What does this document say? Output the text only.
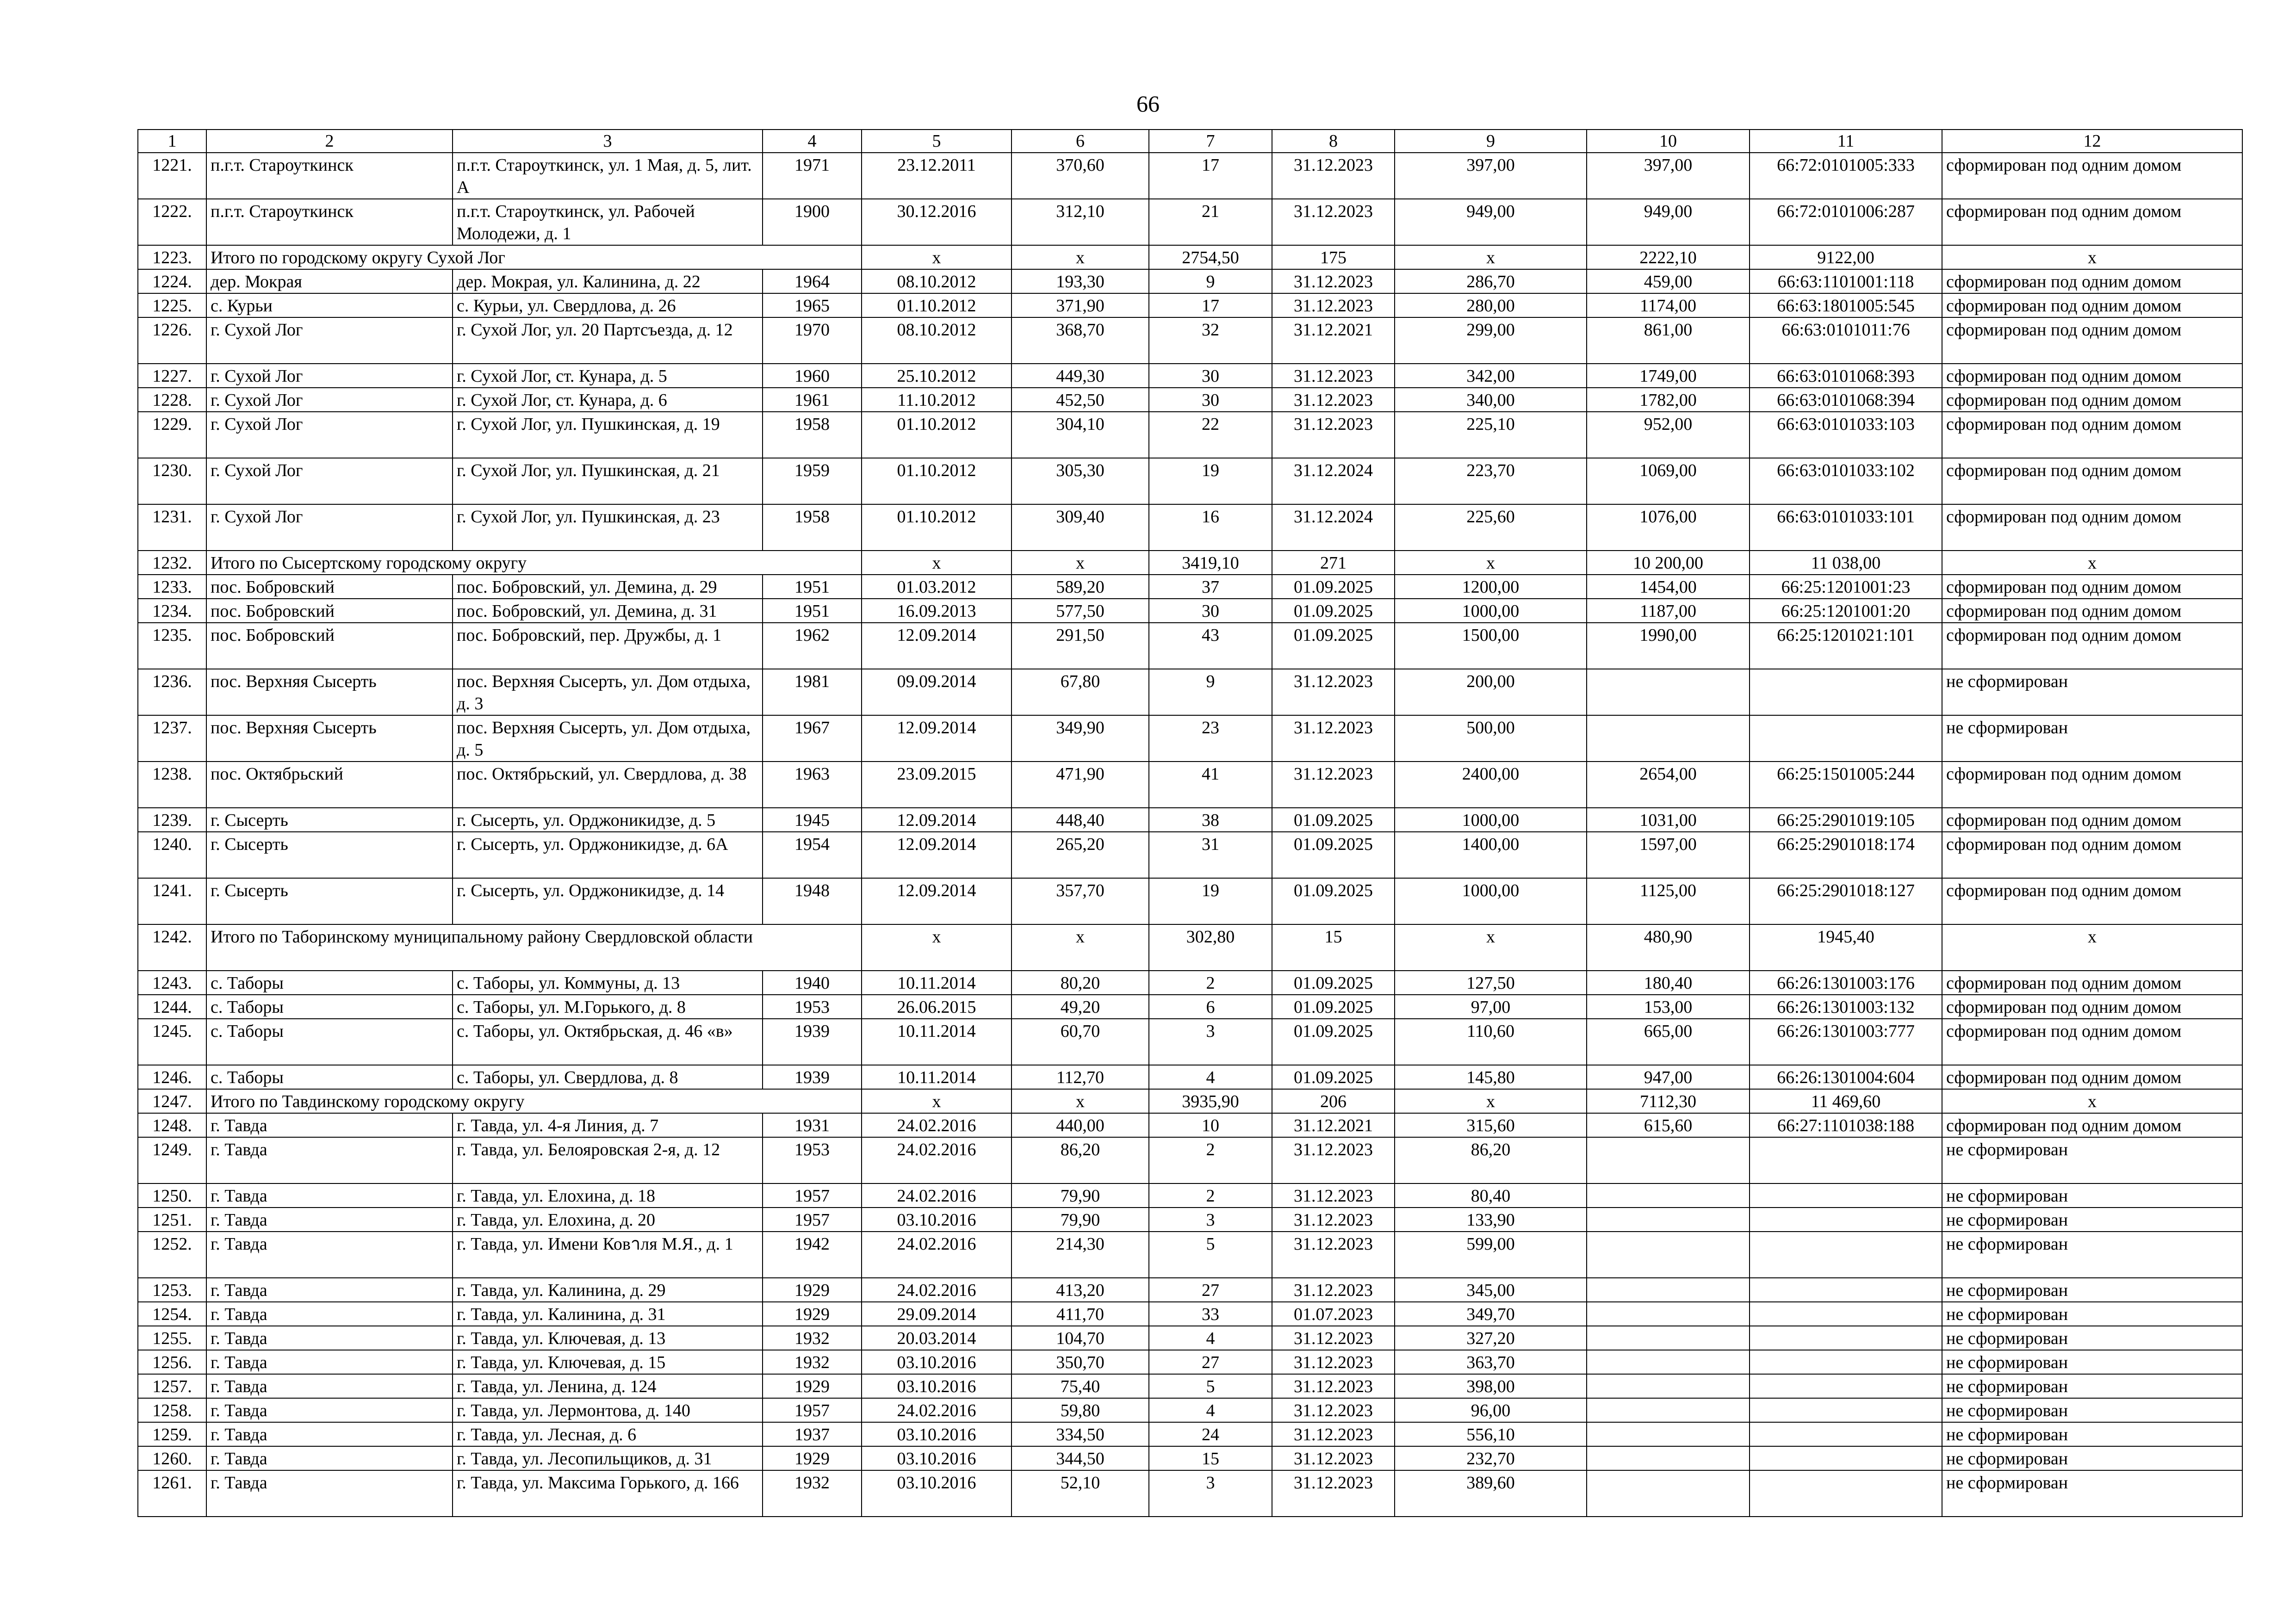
66
1	2	3	4	5	6	7	8	9	10	11	12	
1221.	п.г.т. Староуткинск	п.г.т. Староуткинск, ул. 1 Мая, д. 5, лит. А	1971	23.12.2011	370,60	17	31.12.2023	397,00	397,00	66:72:0101005:333	сформирован под одним домом	
1222.	п.г.т. Староуткинск	п.г.т. Староуткинск, ул. Рабочей Молодежи, д. 1	1900	30.12.2016	312,10	21	31.12.2023	949,00	949,00	66:72:0101006:287	сформирован под одним домом	
1223.	Итого по городскому округу Сухой Лог			х	х	2754,50	175	х	2222,10	9122,00	х	
1224.	дер. Мокрая	дер. Мокрая, ул. Калинина, д. 22	1964	08.10.2012	193,30	9	31.12.2023	286,70	459,00	66:63:1101001:118	сформирован под одним домом	
1225.	с. Курьи	с. Курьи, ул. Свердлова, д. 26	1965	01.10.2012	371,90	17	31.12.2023	280,00	1174,00	66:63:1801005:545	сформирован под одним домом	
1226.	г. Сухой Лог	г. Сухой Лог, ул. 20 Партсъезда, д. 12	1970	08.10.2012	368,70	32	31.12.2021	299,00	861,00	66:63:0101011:76	сформирован под одним домом	
1227.	г. Сухой Лог	г. Сухой Лог, ст. Кунара, д. 5	1960	25.10.2012	449,30	30	31.12.2023	342,00	1749,00	66:63:0101068:393	сформирован под одним домом	
1228.	г. Сухой Лог	г. Сухой Лог, ст. Кунара, д. 6	1961	11.10.2012	452,50	30	31.12.2023	340,00	1782,00	66:63:0101068:394	сформирован под одним домом	
1229.	г. Сухой Лог	г. Сухой Лог, ул. Пушкинская, д. 19	1958	01.10.2012	304,10	22	31.12.2023	225,10	952,00	66:63:0101033:103	сформирован под одним домом	
1230.	г. Сухой Лог	г. Сухой Лог, ул. Пушкинская, д. 21	1959	01.10.2012	305,30	19	31.12.2024	223,70	1069,00	66:63:0101033:102	сформирован под одним домом	
1231.	г. Сухой Лог	г. Сухой Лог, ул. Пушкинская, д. 23	1958	01.10.2012	309,40	16	31.12.2024	225,60	1076,00	66:63:0101033:101	сформирован под одним домом	
1232.	Итого по Сысертскому городскому округу			х	х	3419,10	271	х	10 200,00	11 038,00	х	
1233.	пос. Бобровский	пос. Бобровский, ул. Демина, д. 29	1951	01.03.2012	589,20	37	01.09.2025	1200,00	1454,00	66:25:1201001:23	сформирован под одним домом	
1234.	пос. Бобровский	пос. Бобровский, ул. Демина, д. 31	1951	16.09.2013	577,50	30	01.09.2025	1000,00	1187,00	66:25:1201001:20	сформирован под одним домом	
1235.	пос. Бобровский	пос. Бобровский, пер. Дружбы, д. 1	1962	12.09.2014	291,50	43	01.09.2025	1500,00	1990,00	66:25:1201021:101	сформирован под одним домом	
1236.	пос. Верхняя Сысерть	пос. Верхняя Сысерть, ул. Дом отдыха, д. 3	1981	09.09.2014	67,80	9	31.12.2023	200,00			не сформирован	
1237.	пос. Верхняя Сысерть	пос. Верхняя Сысерть, ул. Дом отдыха, д. 5	1967	12.09.2014	349,90	23	31.12.2023	500,00			не сформирован	
1238.	пос. Октябрьский	пос. Октябрьский, ул. Свердлова, д. 38	1963	23.09.2015	471,90	41	31.12.2023	2400,00	2654,00	66:25:1501005:244	сформирован под одним домом	
1239.	г. Сысерть	г. Сысерть, ул. Орджоникидзе, д. 5	1945	12.09.2014	448,40	38	01.09.2025	1000,00	1031,00	66:25:2901019:105	сформирован под одним домом	
1240.	г. Сысерть	г. Сысерть, ул. Орджоникидзе, д. 6А	1954	12.09.2014	265,20	31	01.09.2025	1400,00	1597,00	66:25:2901018:174	сформирован под одним домом	
1241.	г. Сысерть	г. Сысерть, ул. Орджоникидзе, д. 14	1948	12.09.2014	357,70	19	01.09.2025	1000,00	1125,00	66:25:2901018:127	сформирован под одним домом	
1242.	Итого по Таборинскому муниципальному району Свердловской области			х	х	302,80	15	х	480,90	1945,40	х	
1243.	с. Таборы	с. Таборы, ул. Коммуны, д. 13	1940	10.11.2014	80,20	2	01.09.2025	127,50	180,40	66:26:1301003:176	сформирован под одним домом	
1244.	с. Таборы	с. Таборы, ул. М.Горького, д. 8	1953	26.06.2015	49,20	6	01.09.2025	97,00	153,00	66:26:1301003:132	сформирован под одним домом	
1245.	с. Таборы	с. Таборы, ул. Октябрьская, д. 46 «в»	1939	10.11.2014	60,70	3	01.09.2025	110,60	665,00	66:26:1301003:777	сформирован под одним домом	
1246.	с. Таборы	с. Таборы, ул. Свердлова, д. 8	1939	10.11.2014	112,70	4	01.09.2025	145,80	947,00	66:26:1301004:604	сформирован под одним домом	
1247.	Итого по Тавдинскому городскому округу			х	х	3935,90	206	х	7112,30	11 469,60	х	
1248.	г. Тавда	г. Тавда, ул. 4-я Линия, д. 7	1931	24.02.2016	440,00	10	31.12.2021	315,60	615,60	66:27:1101038:188	сформирован под одним домом	
1249.	г. Тавда	г. Тавда, ул. Белояровская 2-я, д. 12	1953	24.02.2016	86,20	2	31.12.2023	86,20			не сформирован	
1250.	г. Тавда	г. Тавда, ул. Елохина, д. 18	1957	24.02.2016	79,90	2	31.12.2023	80,40			не сформирован	
1251.	г. Тавда	г. Тавда, ул. Елохина, д. 20	1957	03.10.2016	79,90	3	31.12.2023	133,90			не сформирован	
1252.	г. Тавда	г. Тавда, ул. Имени Ковาля М.Я., д. 1	1942	24.02.2016	214,30	5	31.12.2023	599,00			не сформирован	
1253.	г. Тавда	г. Тавда, ул. Калинина, д. 29	1929	24.02.2016	413,20	27	31.12.2023	345,00			не сформирован	
1254.	г. Тавда	г. Тавда, ул. Калинина, д. 31	1929	29.09.2014	411,70	33	01.07.2023	349,70			не сформирован	
1255.	г. Тавда	г. Тавда, ул. Ключевая, д. 13	1932	20.03.2014	104,70	4	31.12.2023	327,20			не сформирован	
1256.	г. Тавда	г. Тавда, ул. Ключевая, д. 15	1932	03.10.2016	350,70	27	31.12.2023	363,70			не сформирован	
1257.	г. Тавда	г. Тавда, ул. Ленина, д. 124	1929	03.10.2016	75,40	5	31.12.2023	398,00			не сформирован	
1258.	г. Тавда	г. Тавда, ул. Лермонтова, д. 140	1957	24.02.2016	59,80	4	31.12.2023	96,00			не сформирован	
1259.	г. Тавда	г. Тавда, ул. Лесная, д. 6	1937	03.10.2016	334,50	24	31.12.2023	556,10			не сформирован	
1260.	г. Тавда	г. Тавда, ул. Лесопильщиков, д. 31	1929	03.10.2016	344,50	15	31.12.2023	232,70			не сформирован	
1261.	г. Тавда	г. Тавда, ул. Максима Горького, д. 166	1932	03.10.2016	52,10	3	31.12.2023	389,60			не сформирован	
